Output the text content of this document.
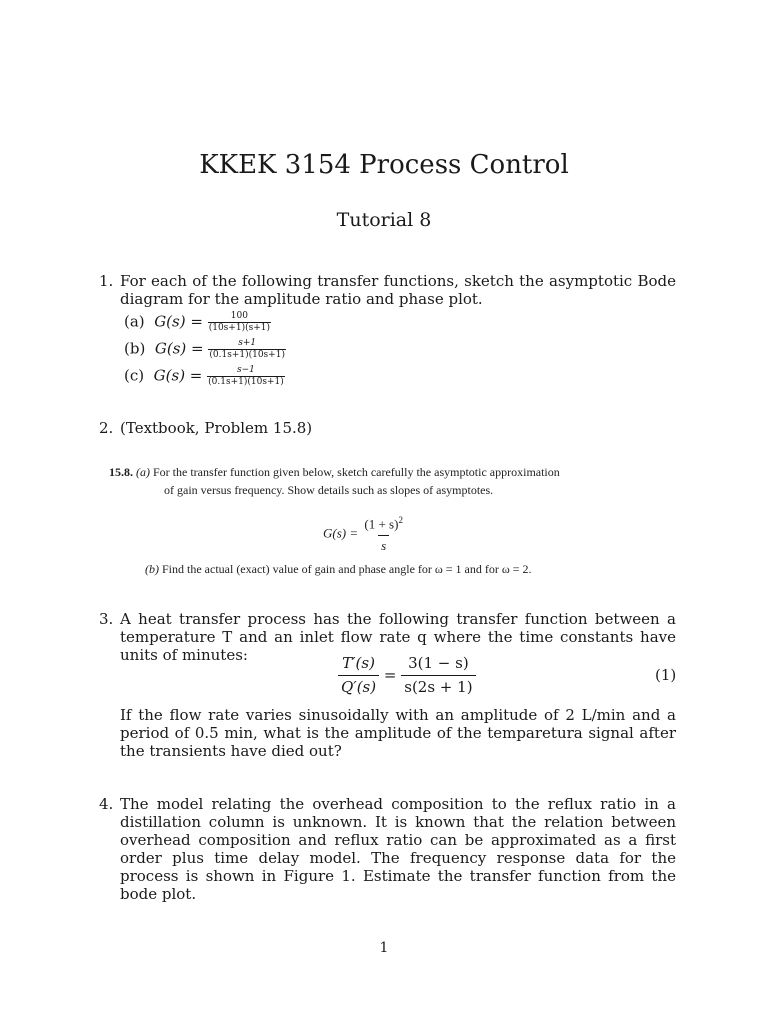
KKEK 3154 Process Control
Tutorial 8
1. For each of the following transfer functions, sketch the asymptotic Bode diagram for the amplitude ratio and phase plot.
(a) $G(s) = \frac{100}{(10s+1)(s+1)}$
(b) $G(s) = \frac{s+1}{(0.1s+1)(10s+1)}$
(c) $G(s) = \frac{s-1}{(0.1s+1)(10s+1)}$
2. (Textbook, Problem 15.8)
15.8. (a) For the transfer function given below, sketch carefully the asymptotic approximation
of gain versus frequency. Show details such as slopes of asymptotes.
$G(s) = \frac{(1 + s)^2}{s}$
(b) Find the actual (exact) value of gain and phase angle for ω = 1 and for ω = 2.
3. A heat transfer process has the following transfer function between a temperature T and an inlet flow rate q where the time constants have units of minutes:	$\frac{T'(s)}{Q'(s)} = \frac{3(1 - s)}{s(2s + 1)}$	(1)
If the flow rate varies sinusoidally with an amplitude of 2 L/min and a period of 0.5 min, what is the amplitude of the temparetura signal after the transients have died out?
4. The model relating the overhead composition to the reflux ratio in a distillation column is unknown. It is known that the relation between overhead composition and reflux ratio can be approximated as a first order plus time delay model. The frequency response data for the process is shown in Figure 1. Estimate the transfer function from the bode plot.
1
